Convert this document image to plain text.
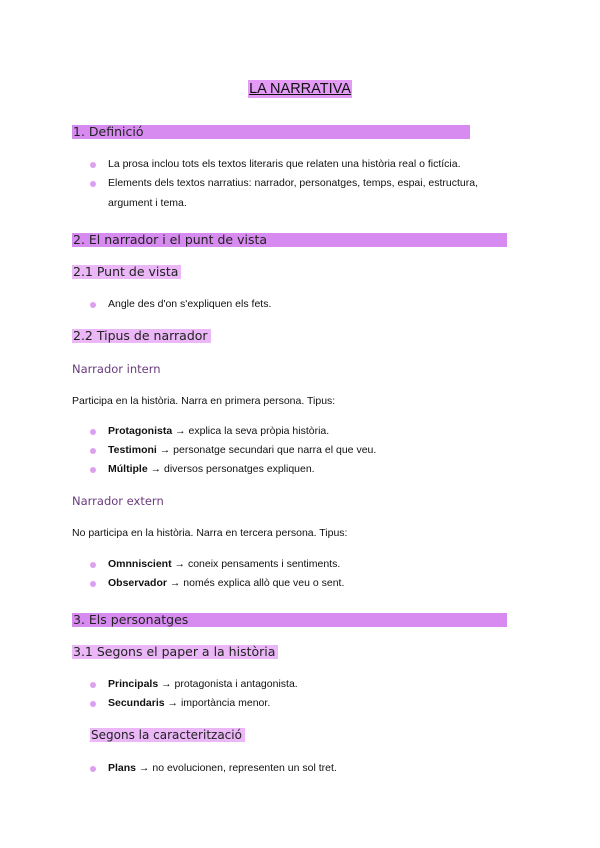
LA NARRATIVA
1. Definició
La prosa inclou tots els textos literaris que relaten una història real o fictícia.
Elements dels textos narratius: narrador, personatges, temps, espai, estructura,
argument i tema.
2. El narrador i el punt de vista
2.1 Punt de vista
Angle des d'on s'expliquen els fets.
2.2 Tipus de narrador
Narrador intern
Participa en la història. Narra en primera persona. Tipus:
Protagonista → explica la seva pròpia història.
Testimoni → personatge secundari que narra el que veu.
Múltiple → diversos personatges expliquen.
Narrador extern
No participa en la història. Narra en tercera persona. Tipus:
Omnniscient → coneix pensaments i sentiments.
Observador → només explica allò que veu o sent.
3. Els personatges
3.1 Segons el paper a la història
Principals → protagonista i antagonista.
Secundaris → importància menor.
Segons la caracterització
Plans → no evolucionen, representen un sol tret.
